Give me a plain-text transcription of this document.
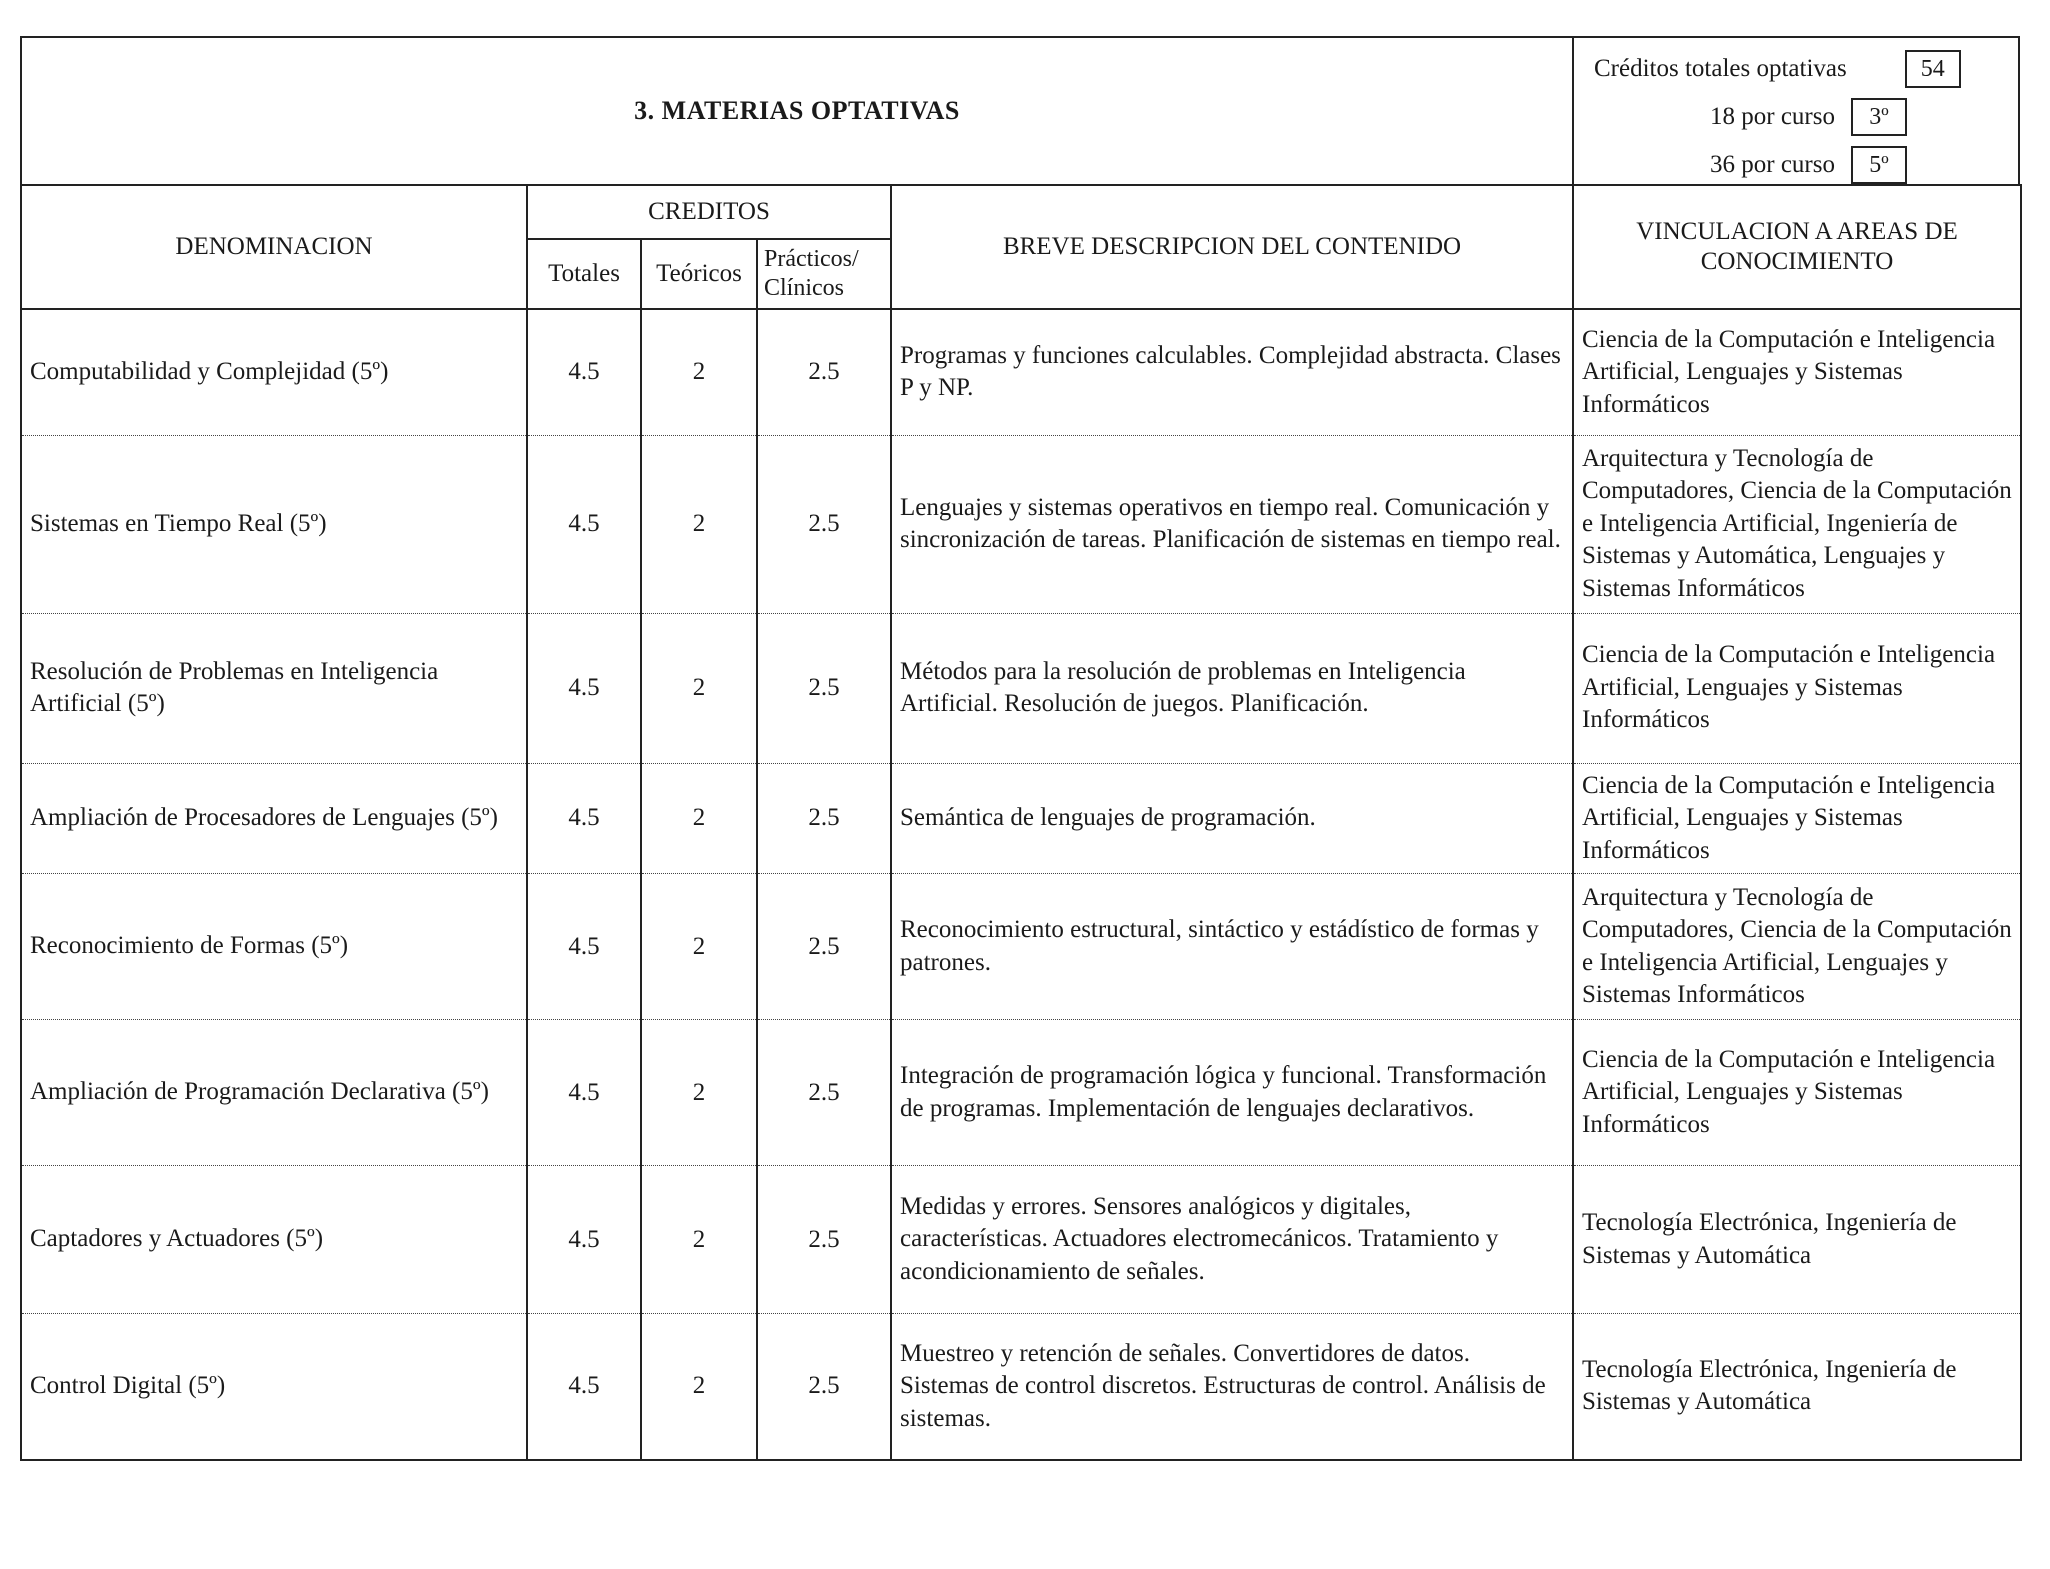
3. MATERIAS OPTATIVAS
Créditos totales optativas	54
18 por curso	3º
36 por curso	5º
DENOMINACION	CREDITOS			BREVE DESCRIPCION DEL CONTENIDO	VINCULACION A AREAS DE CONOCIMIENTO
	Totales	Teóricos	Prácticos/ Clínicos		
Computabilidad y Complejidad (5º)	4.5	2	2.5	Programas y funciones calculables. Complejidad abstracta. Clases P y NP.	Ciencia de la Computación e Inteligencia Artificial, Lenguajes y Sistemas Informáticos
Sistemas en Tiempo Real (5º)	4.5	2	2.5	Lenguajes y sistemas operativos en tiempo real. Comunicación y sincronización de tareas. Planificación de sistemas en tiempo real.	Arquitectura y Tecnología de Computadores, Ciencia de la Computación e Inteligencia Artificial, Ingeniería de Sistemas y Automática, Lenguajes y Sistemas Informáticos
Resolución de Problemas en Inteligencia Artificial (5º)	4.5	2	2.5	Métodos para la resolución de problemas en Inteligencia Artificial. Resolución de juegos. Planificación.	Ciencia de la Computación e Inteligencia Artificial, Lenguajes y Sistemas Informáticos
Ampliación de Procesadores de Lenguajes (5º)	4.5	2	2.5	Semántica de lenguajes de programación.	Ciencia de la Computación e Inteligencia Artificial, Lenguajes y Sistemas Informáticos
Reconocimiento de Formas (5º)	4.5	2	2.5	Reconocimiento estructural, sintáctico y estádístico de formas y patrones.	Arquitectura y Tecnología de Computadores, Ciencia de la Computación e Inteligencia Artificial, Lenguajes y Sistemas Informáticos
Ampliación de Programación Declarativa (5º)	4.5	2	2.5	Integración de programación lógica y funcional. Transformación de programas. Implementación de lenguajes declarativos.	Ciencia de la Computación e Inteligencia Artificial, Lenguajes y Sistemas Informáticos
Captadores y Actuadores (5º)	4.5	2	2.5	Medidas y errores. Sensores analógicos y digitales, características. Actuadores electromecánicos. Tratamiento y acondicionamiento de señales.	Tecnología Electrónica, Ingeniería de Sistemas y Automática
Control Digital (5º)	4.5	2	2.5	Muestreo y retención de señales. Convertidores de datos. Sistemas de control discretos. Estructuras de control. Análisis de sistemas.	Tecnología Electrónica, Ingeniería de Sistemas y Automática
